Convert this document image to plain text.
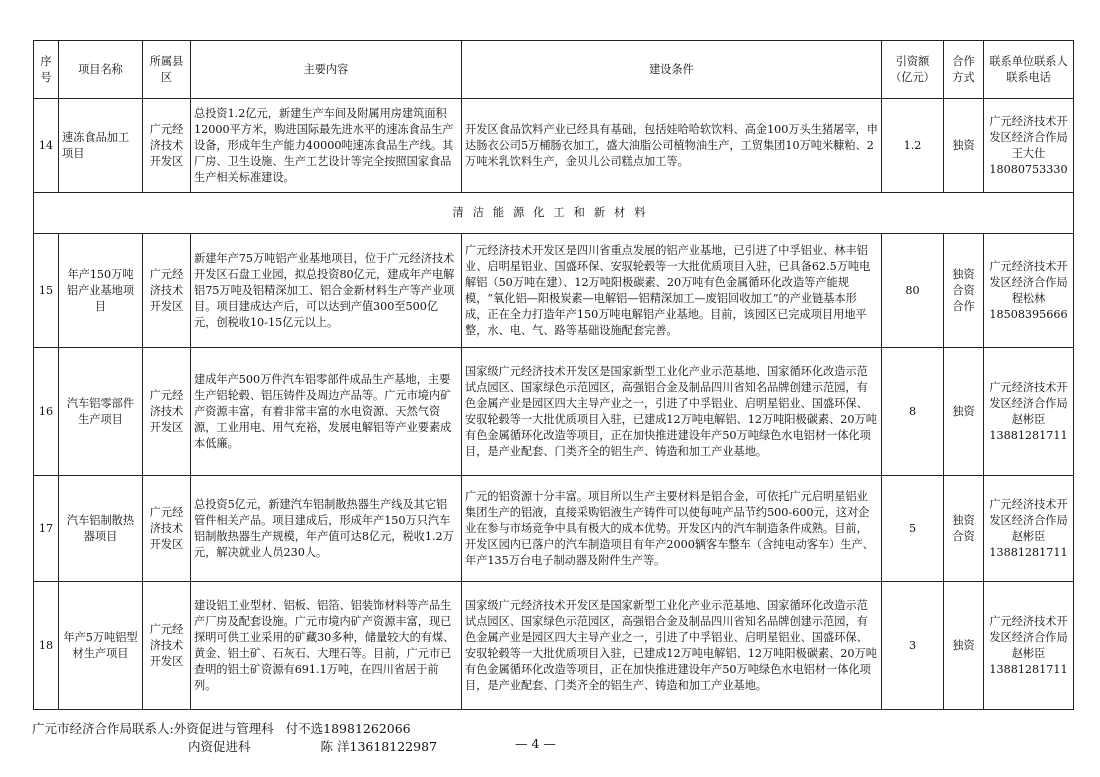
序号	项目名称	所属县区	主要内容	建设条件	引资额（亿元）	合作方式	联系单位联系人联系电话
14	速冻食品加工项目	广元经济技术开发区	总投资1.2亿元，新建生产车间及附属用房建筑面积12000平方米，购进国际最先进水平的速冻食品生产设备，形成年生产能力40000吨速冻食品生产线。其厂房、卫生设施、生产工艺设计等完全按照国家食品生产相关标准建设。	开发区食品饮料产业已经具有基础，包括娃哈哈软饮料、高金100万头生猪屠宰，申达肠衣公司5万桶肠衣加工，盛大油脂公司植物油生产，工贸集团10万吨米糠粕、2万吨米乳饮料生产，金贝儿公司糕点加工等。	1.2	独资	广元经济技术开发区经济合作局王大仕18080753330
清洁能源化工和新材料							
15	年产150万吨铝产业基地项目	广元经济技术开发区	新建年产75万吨铝产业基地项目，位于广元经济技术开发区石盘工业园，拟总投资80亿元，建成年产电解铝75万吨及铝精深加工、铝合金新材料生产等产业项目。项目建成达产后，可以达到产值300至500亿元，创税收10-15亿元以上。	广元经济技术开发区是四川省重点发展的铝产业基地，已引进了中孚铝业、林丰铝业、启明星铝业、国盛环保、安驭轮毂等一大批优质项目入驻，已具备62.5万吨电解铝（50万吨在建）、12万吨阳极碳素、20万吨有色金属循环化改造等产能规模，“氧化铝—阳极炭素—电解铝—铝精深加工—废铝回收加工”的产业链基本形成，正在全力打造年产150万吨电解铝产业基地。目前，该园区已完成项目用地平整，水、电、气、路等基础设施配套完善。	80	独资合资合作	广元经济技术开发区经济合作局程松林18508395666
16	汽车铝零部件生产项目	广元经济技术开发区	建成年产500万件汽车铝零部件成品生产基地，主要生产铝轮毂、铝压铸件及周边产品等。广元市境内矿产资源丰富，有着非常丰富的水电资源、天然气资源，工业用电、用气充裕，发展电解铝等产业要素成本低廉。	国家级广元经济技术开发区是国家新型工业化产业示范基地、国家循环化改造示范试点园区、国家绿色示范园区，高强铝合金及制品四川省知名品牌创建示范园，有色金属产业是园区四大主导产业之一，引进了中孚铝业、启明星铝业、国盛环保、安驭轮毂等一大批优质项目入驻，已建成12万吨电解铝、12万吨阳极碳素、20万吨有色金属循环化改造等项目，正在加快推进建设年产50万吨绿色水电铝材一体化项目，是产业配套、门类齐全的铝生产、铸造和加工产业基地。	8	独资	广元经济技术开发区经济合作局赵彬臣13881281711
17	汽车铝制散热器项目	广元经济技术开发区	总投资5亿元，新建汽车铝制散热器生产线及其它铝管件相关产品。项目建成后，形成年产150万只汽车铝制散热器生产规模，年产值可达8亿元，税收1.2万元，解决就业人员230人。	广元的铝资源十分丰富。项目所以生产主要材料是铝合金，可依托广元启明星铝业集团生产的铝液，直接采购铝液生产铸件可以使每吨产品节约500-600元，这对企业在参与市场竞争中具有极大的成本优势。开发区内的汽车制造条件成熟。目前，开发区园内已落户的汽车制造项目有年产2000辆客车整车（含纯电动客车）生产、年产135万台电子制动器及附件生产等。	5	独资合资	广元经济技术开发区经济合作局赵彬臣13881281711
18	年产5万吨铝型材生产项目	广元经济技术开发区	建设铝工业型材、铝板、铝箔、铝装饰材料等产品生产厂房及配套设施。广元市境内矿产资源丰富，现已探明可供工业采用的矿藏30多种，储量较大的有煤、黄金、铝土矿、石灰石、大理石等。目前，广元市已查明的铝土矿资源有691.1万吨，在四川省居于前列。	国家级广元经济技术开发区是国家新型工业化产业示范基地、国家循环化改造示范试点园区、国家绿色示范园区，高强铝合金及制品四川省知名品牌创建示范园，有色金属产业是园区四大主导产业之一，引进了中孚铝业、启明星铝业、国盛环保、安驭轮毂等一大批优质项目入驻，已建成12万吨电解铝、12万吨阳极碳素、20万吨有色金属循环化改造等项目，正在加快推进建设年产50万吨绿色水电铝材一体化项目，是产业配套、门类齐全的铝生产、铸造和加工产业基地。	3	独资	广元经济技术开发区经济合作局赵彬臣13881281711
广元市经济合作局联系人:外资促进与管理科 付不选18981262066
内资促进科	陈 洋13618122987	— 4 —
